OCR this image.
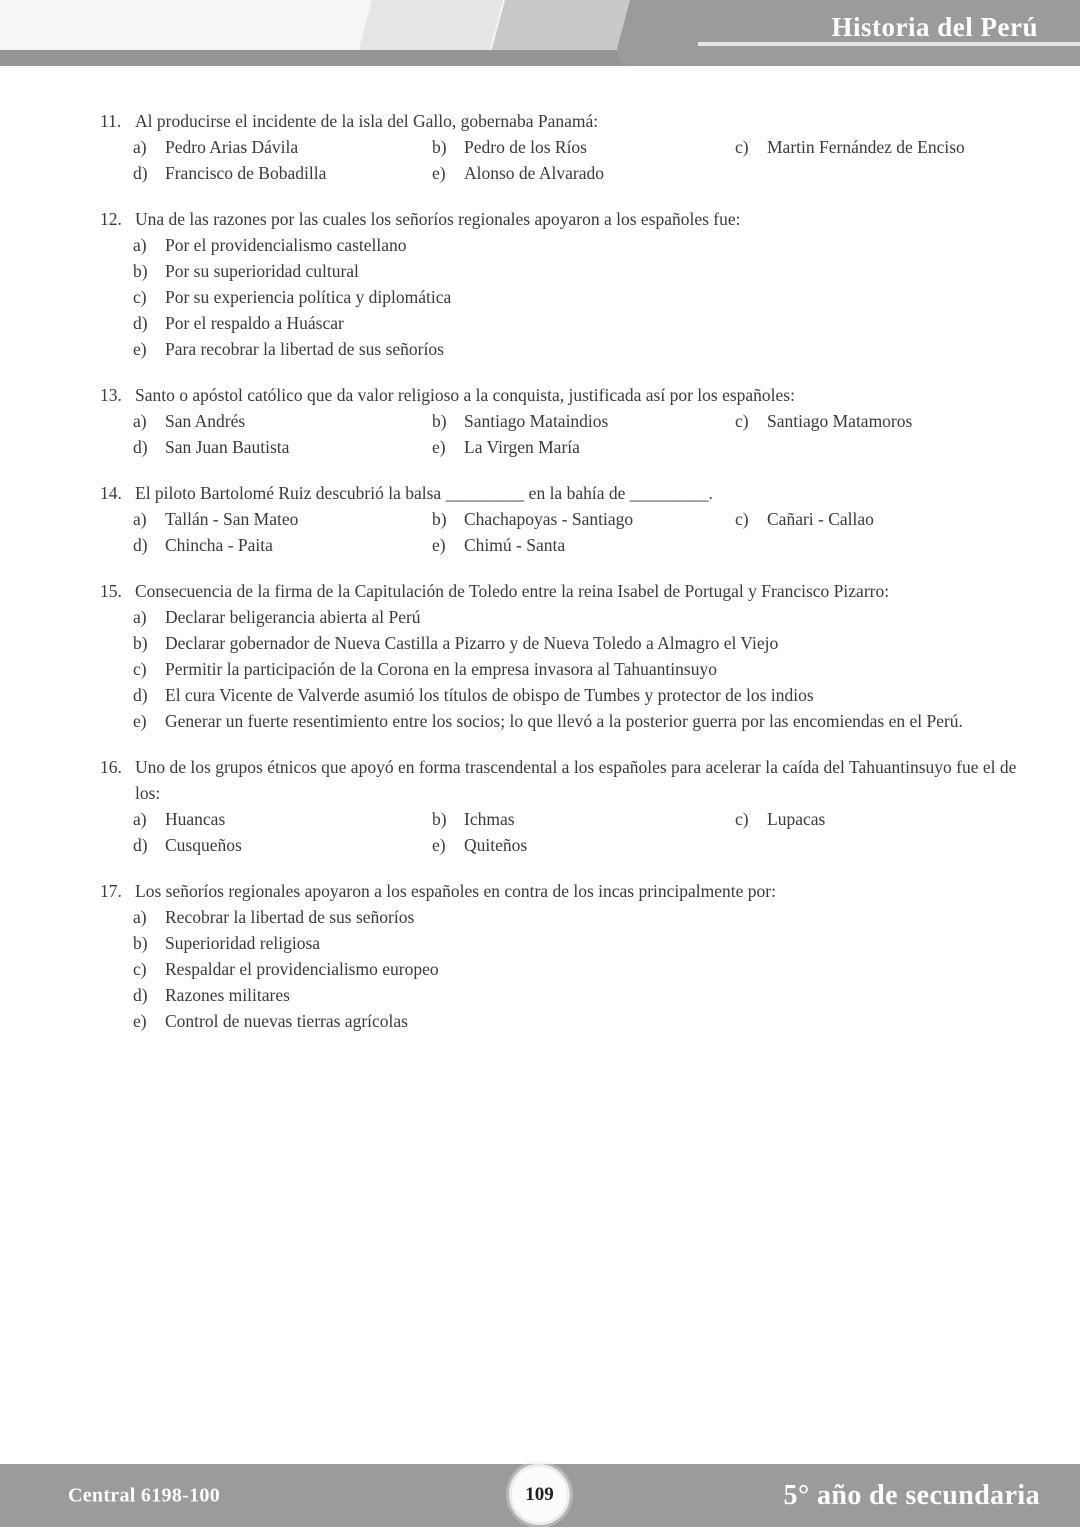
Historia del Perú
11. Al producirse el incidente de la isla del Gallo, gobernaba Panamá:
a)	Pedro Arias Dávila	b) Pedro de los Ríos	c)	Martin Fernández de Enciso
d) Francisco de Bobadilla	e)	Alonso de Alvarado
12. Una de las razones por las cuales los señoríos regionales apoyaron a los españoles fue:
a)	Por el providencialismo castellano
b) Por su superioridad cultural
c)	Por su experiencia política y diplomática
d) Por el respaldo a Huáscar
e)	Para recobrar la libertad de sus señoríos
13. Santo o apóstol católico que da valor religioso a la conquista, justificada así por los españoles:
a)	San Andrés	b) Santiago Mataindios	c)	Santiago Matamoros
d) San Juan Bautista	e)	La Virgen María
14. El piloto Bartolomé Ruiz descubrió la balsa _________ en la bahía de _________.
a)	Tallán - San Mateo	b) Chachapoyas - Santiago	c)	Cañari - Callao
d) Chincha - Paita	e)	Chimú - Santa
15. Consecuencia de la firma de la Capitulación de Toledo entre la reina Isabel de Portugal y Francisco Pizarro:
a)	Declarar beligerancia abierta al Perú
b) Declarar gobernador de Nueva Castilla a Pizarro y de Nueva Toledo a Almagro el Viejo
c)	Permitir la participación de la Corona en la empresa invasora al Tahuantinsuyo
d) El cura Vicente de Valverde asumió los títulos de obispo de Tumbes y protector de los indios
e)	Generar un fuerte resentimiento entre los socios; lo que llevó a la posterior guerra por las encomiendas en el Perú.
16. Uno de los grupos étnicos que apoyó en forma trascendental a los españoles para acelerar la caída del Tahuantinsuyo fue el de los:
a)	Huancas	b) Ichmas	c)	Lupacas
d) Cusqueños	e)	Quiteños
17. Los señoríos regionales apoyaron a los españoles en contra de los incas principalmente por:
a)	Recobrar la libertad de sus señoríos
b) Superioridad religiosa
c)	Respaldar el providencialismo europeo
d) Razones militares
e)	Control de nuevas tierras agrícolas
Central 6198-100	109	5° año de secundaria
